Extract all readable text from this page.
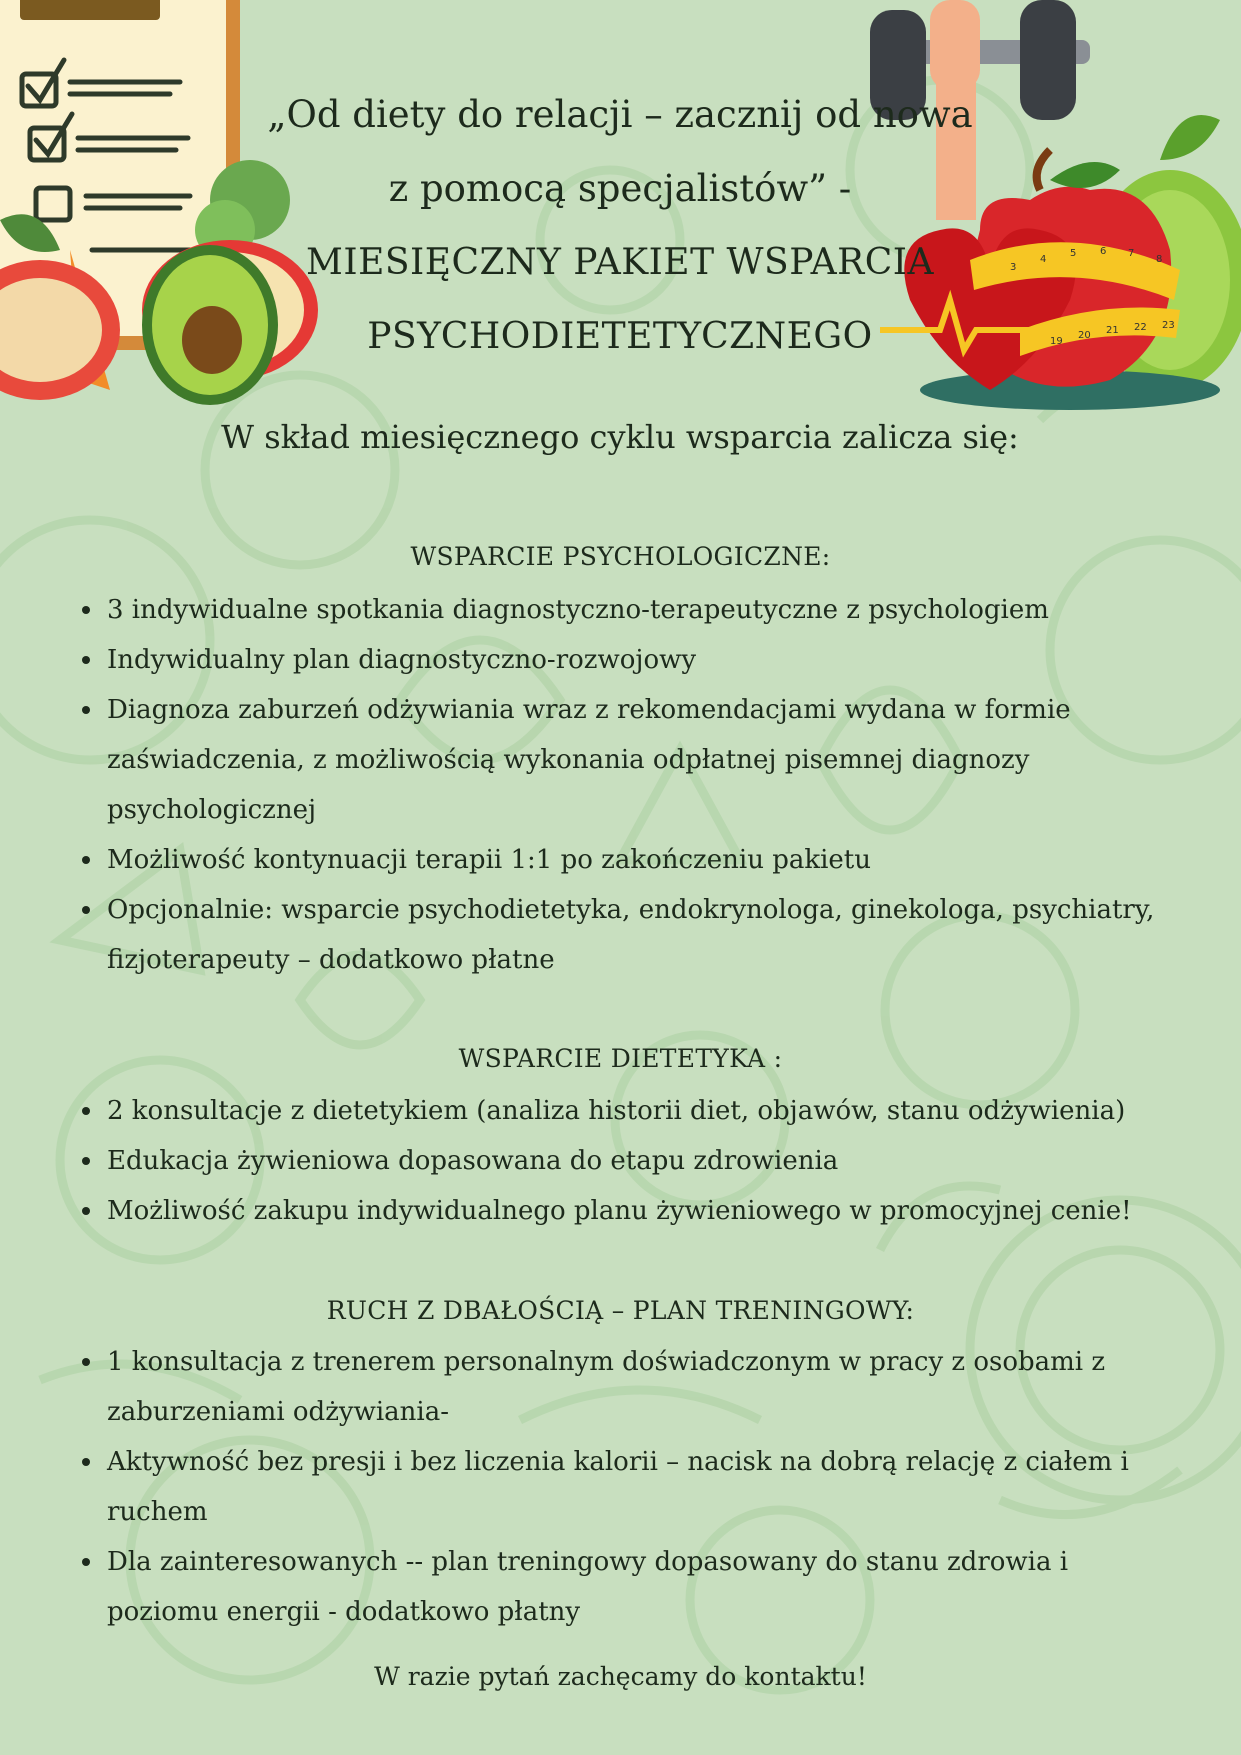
3
4
5 6 7
8
19
20 21 22 23
„Od diety do relacji – zacznij od nowa
z pomocą specjalistów” -
MIESIĘCZNY PAKIET WSPARCIA
PSYCHODIETETYCZNEGO
W skład miesięcznego cyklu wsparcia zalicza się:
WSPARCIE PSYCHOLOGICZNE:
3 indywidualne spotkania diagnostyczno-terapeutyczne z psychologiem
Indywidualny plan diagnostyczno-rozwojowy
Diagnoza zaburzeń odżywiania wraz z rekomendacjami wydana w formie zaświadczenia, z możliwością wykonania odpłatnej pisemnej diagnozy psychologicznej
Możliwość kontynuacji terapii 1:1 po zakończeniu pakietu
Opcjonalnie: wsparcie psychodietetyka, endokrynologa, ginekologa, psychiatry, fizjoterapeuty – dodatkowo płatne
WSPARCIE DIETETYKA :
2 konsultacje z dietetykiem (analiza historii diet, objawów, stanu odżywienia)
Edukacja żywieniowa dopasowana do etapu zdrowienia
Możliwość zakupu indywidualnego planu żywieniowego w promocyjnej cenie!
RUCH Z DBAŁOŚCIĄ – PLAN TRENINGOWY:
1 konsultacja z trenerem personalnym doświadczonym w pracy z osobami z zaburzeniami odżywiania-
Aktywność bez presji i bez liczenia kalorii – nacisk na dobrą relację z ciałem i ruchem
Dla zainteresowanych -- plan treningowy dopasowany do stanu zdrowia i poziomu energii - dodatkowo płatny
W razie pytań zachęcamy do kontaktu!
